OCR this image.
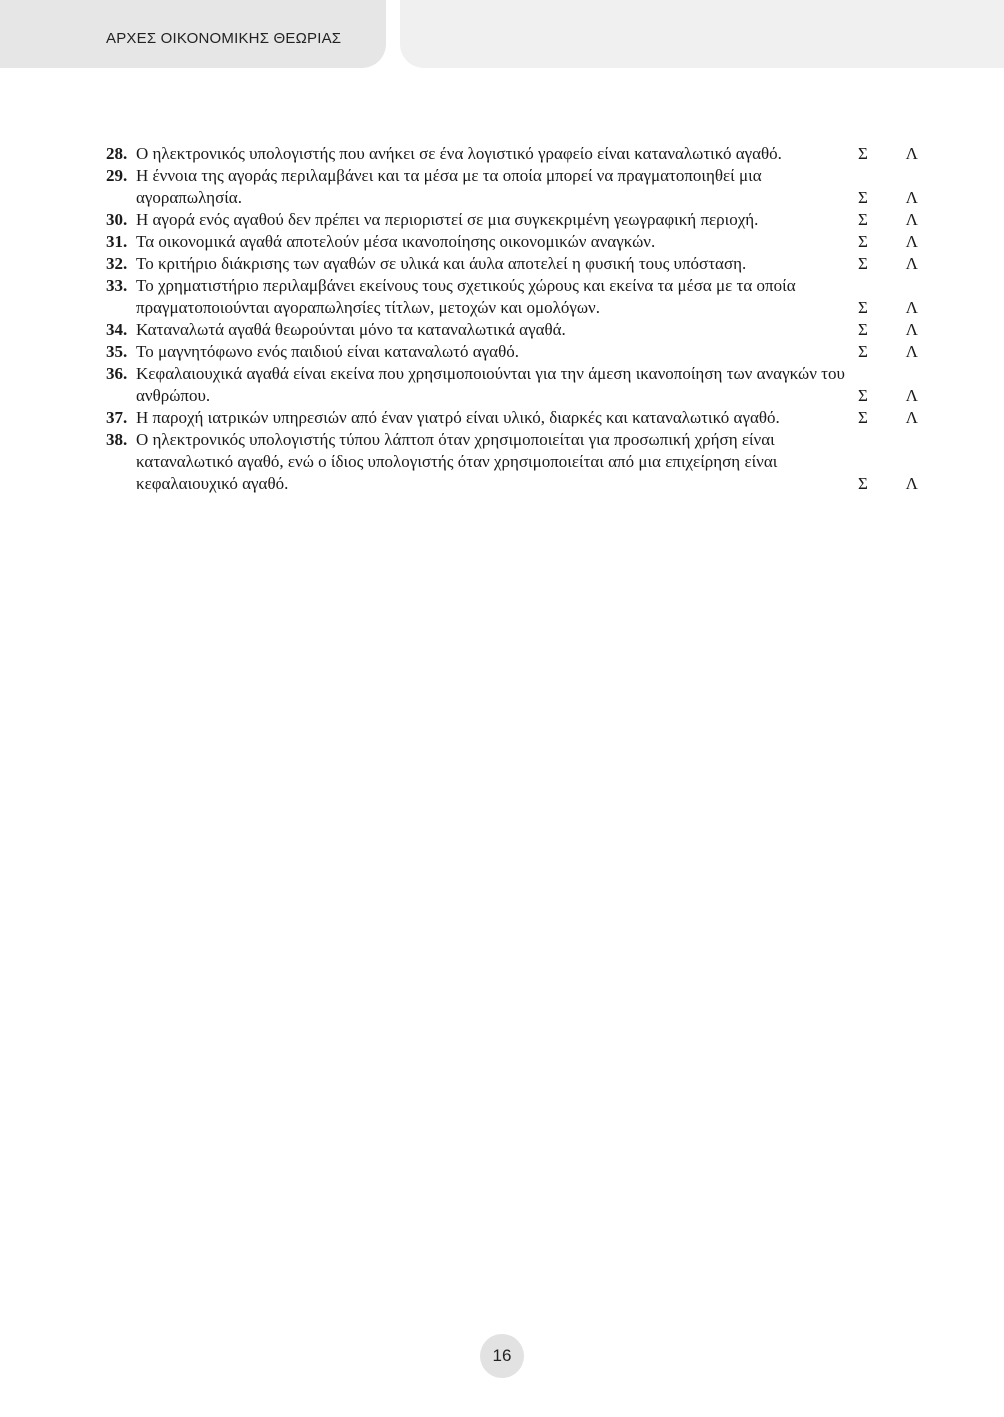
ΑΡΧΕΣ ΟΙΚΟΝΟΜΙΚΗΣ ΘΕΩΡΙΑΣ
28. Ο ηλεκτρονικός υπολογιστής που ανήκει σε ένα λογιστικό γραφείο είναι καταναλωτικό αγαθό.	Σ Λ
29. Η έννοια της αγοράς περιλαμβάνει και τα μέσα με τα οποία μπορεί να πραγματοποιηθεί μια αγοραπωλησία.	Σ Λ
30. Η αγορά ενός αγαθού δεν πρέπει να περιοριστεί σε μια συγκεκριμένη γεωγραφική περιοχή.	Σ Λ
31. Τα οικονομικά αγαθά αποτελούν μέσα ικανοποίησης οικονομικών αναγκών.	Σ Λ
32. Το κριτήριο διάκρισης των αγαθών σε υλικά και άυλα αποτελεί η φυσική τους υπόσταση.	Σ Λ
33. Το χρηματιστήριο περιλαμβάνει εκείνους τους σχετικούς χώρους και εκείνα τα μέσα με τα οποία πραγματοποιούνται αγοραπωλησίες τίτλων, μετοχών και ομολόγων.	Σ Λ
34. Καταναλωτά αγαθά θεωρούνται μόνο τα καταναλωτικά αγαθά.	Σ Λ
35. Το μαγνητόφωνο ενός παιδιού είναι καταναλωτό αγαθό.	Σ Λ
36. Κεφαλαιουχικά αγαθά είναι εκείνα που χρησιμοποιούνται για την άμεση ικανοποίηση των αναγκών του ανθρώπου.	Σ Λ
37. Η παροχή ιατρικών υπηρεσιών από έναν γιατρό είναι υλικό, διαρκές και καταναλωτικό αγαθό.	Σ Λ
38. Ο ηλεκτρονικός υπολογιστής τύπου λάπτοπ όταν χρησιμοποιείται για προσωπική χρήση είναι καταναλωτικό αγαθό, ενώ ο ίδιος υπολογιστής όταν χρησιμοποιείται από μια επιχείρηση είναι κεφαλαιουχικό αγαθό.	Σ Λ
16
